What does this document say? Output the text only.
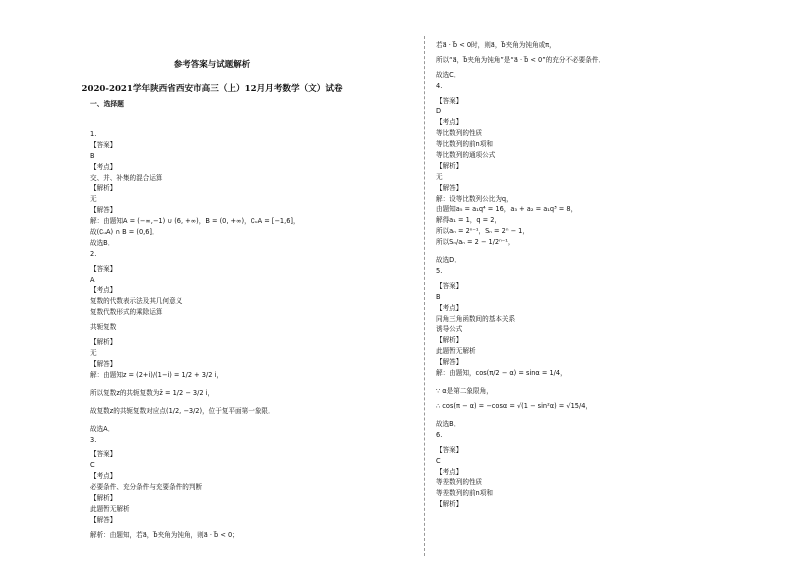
参考答案与试题解析
2020-2021学年陕西省西安市高三（上）12月月考数学（文）试卷
一、选择题
1.
【答案】
B
【考点】
交、并、补集的混合运算
【解析】
无
【解答】
解：由题知A = (−∞,−1) ∪ (6, +∞)，B = (0, +∞)，∁ᵤA = [−1,6]，
故(∁ᵤA) ∩ B = (0,6]．
故选B．
2.
【答案】
A
【考点】
复数的代数表示法及其几何意义
复数代数形式的乘除运算
共轭复数
【解析】
无
【解答】
解：由题知z = (2+i)/(1−i) = 1/2 + 3/2 i，
所以复数z的共轭复数为z̄ = 1/2 − 3/2 i，
故复数z的共轭复数对应点(1/2, −3/2)，位于复平面第一象限．
故选A．
3.
【答案】
C
【考点】
必要条件、充分条件与充要条件的判断
【解析】
此题暂无解析
【解答】
解析：由题知，若a⃗，b⃗夹角为钝角，则a⃗ · b⃗ < 0；
若a⃗ · b⃗ < 0时，则a⃗，b⃗夹角为钝角或π，
所以“a⃗，b⃗夹角为钝角”是“a⃗ · b⃗ < 0”的充分不必要条件．
故选C．
4.
【答案】
D
【考点】
等比数列的性质
等比数列的前n项和
等比数列的通项公式
【解析】
无
【解答】
解：设等比数列公比为q，
由题知a₅ = a₁q⁴ = 16，a₃ + a₂ = a₁q³ = 8，
解得a₁ = 1，q = 2，
所以aₙ = 2ⁿ⁻¹，Sₙ = 2ⁿ − 1，
所以Sₙ/aₙ = 2 − 1/2ⁿ⁻¹，
故选D．
5.
【答案】
B
【考点】
同角三角函数间的基本关系
诱导公式
【解析】
此题暂无解析
【解答】
解：由题知，cos(π/2 − α) = sinα = 1/4，
∵ α是第二象限角，
∴ cos(π − α) = −cosα = √(1 − sin²α) = √15/4，
故选B．
6.
【答案】
C
【考点】
等差数列的性质
等差数列的前n项和
【解析】
